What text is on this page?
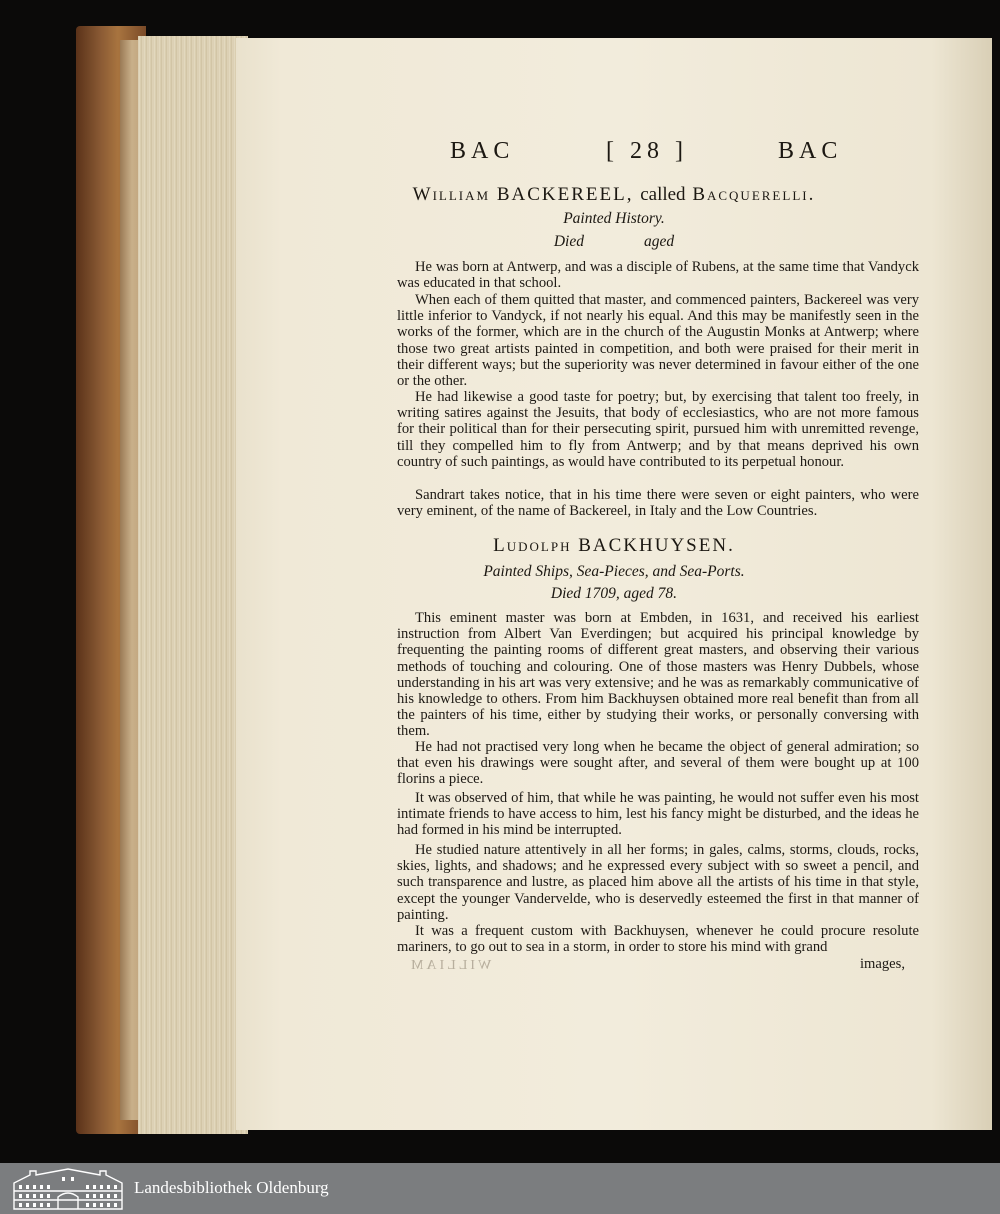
BAC	[ 28 ]	BAC
William BACKEREEL, called Bacquerelli.
Painted History.
Died	aged
He was born at Antwerp, and was a disciple of Rubens, at the same time that Vandyck was educated in that school.
When each of them quitted that master, and commenced painters, Backereel was very little inferior to Vandyck, if not nearly his equal. And this may be manifestly seen in the works of the former, which are in the church of the Augustin Monks at Antwerp; where those two great artists painted in competition, and both were praised for their merit in their different ways; but the superiority was never determined in favour either of the one or the other.
He had likewise a good taste for poetry; but, by exercising that talent too freely, in writing satires against the Jesuits, that body of ecclesiastics, who are not more famous for their political than for their persecuting spirit, pursued him with unremitted revenge, till they compelled him to fly from Antwerp; and by that means deprived his own country of such paintings, as would have contributed to its perpetual honour.
Sandrart takes notice, that in his time there were seven or eight painters, who were very eminent, of the name of Backereel, in Italy and the Low Countries.
Ludolph BACKHUYSEN.
Painted Ships, Sea-Pieces, and Sea-Ports.
Died 1709, aged 78.
This eminent master was born at Embden, in 1631, and received his earliest instruction from Albert Van Everdingen; but acquired his principal knowledge by frequenting the painting rooms of different great masters, and observing their various methods of touching and colouring. One of those masters was Henry Dubbels, whose understanding in his art was very extensive; and he was as remarkably communicative of his knowledge to others. From him Backhuysen obtained more real benefit than from all the painters of his time, either by studying their works, or personally conversing with them.
He had not practised very long when he became the object of general admiration; so that even his drawings were sought after, and several of them were bought up at 100 florins a piece.
It was observed of him, that while he was painting, he would not suffer even his most intimate friends to have access to him, lest his fancy might be disturbed, and the ideas he had formed in his mind be interrupted.
He studied nature attentively in all her forms; in gales, calms, storms, clouds, rocks, skies, lights, and shadows; and he expressed every subject with so sweet a pencil, and such transparence and lustre, as placed him above all the artists of his time in that style, except the younger Vandervelde, who is deservedly esteemed the first in that manner of painting.
It was a frequent custom with Backhuysen, whenever he could procure resolute mariners, to go out to sea in a storm, in order to store his mind with grand
WILLIAM	images,
Landesbibliothek Oldenburg
